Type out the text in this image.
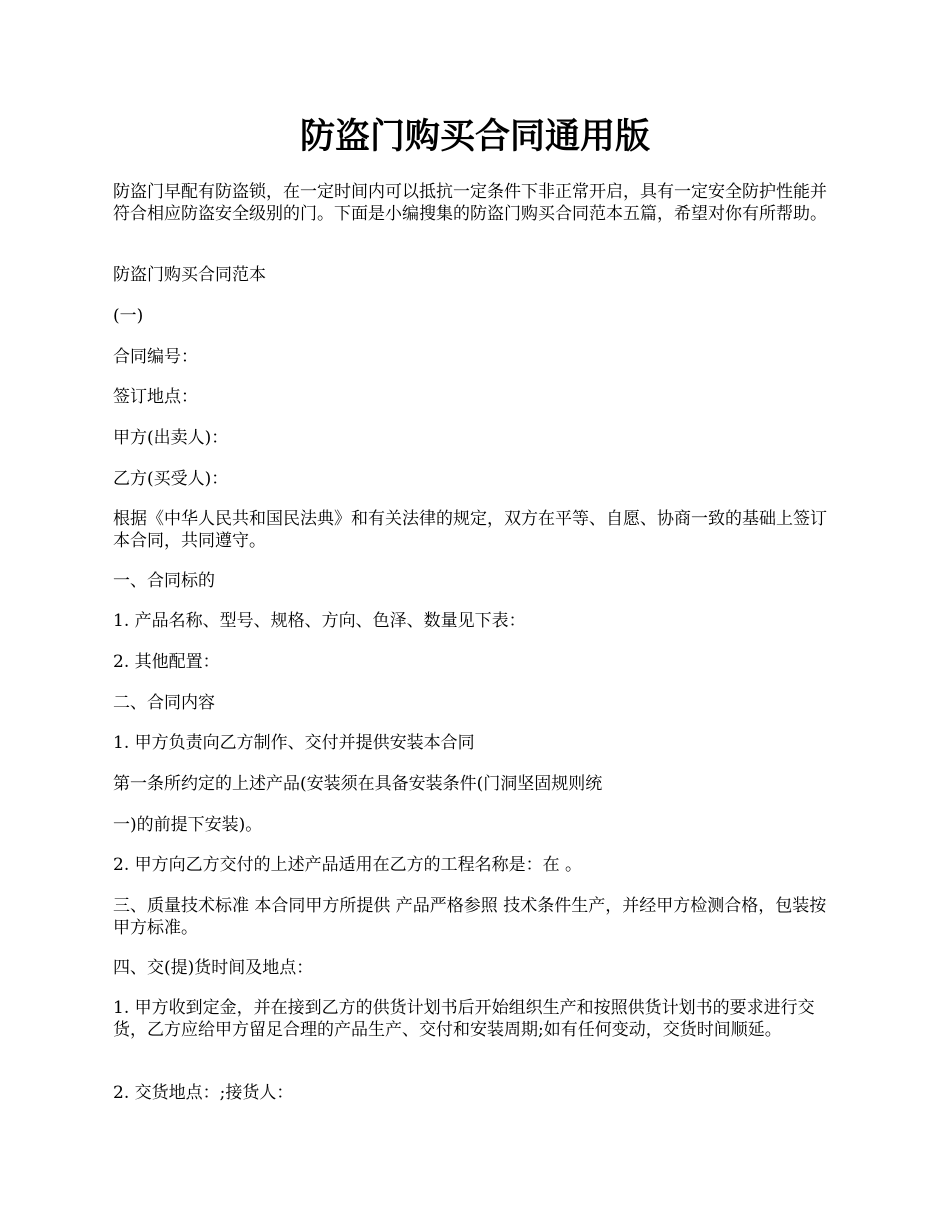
防盗门购买合同通用版

防盗门早配有防盗锁，在一定时间内可以抵抗一定条件下非正常开启，具有一定安全防护性能并符合相应防盗安全级别的门。下面是小编搜集的防盗门购买合同范本五篇，希望对你有所帮助。

防盗门购买合同范本

(一)

合同编号：

签订地点：

甲方(出卖人)：

乙方(买受人)：

根据《中华人民共和国民法典》和有关法律的规定，双方在平等、自愿、协商一致的基础上签订本合同，共同遵守。

一、合同标的

1. 产品名称、型号、规格、方向、色泽、数量见下表：

2. 其他配置：

二、合同内容

1. 甲方负责向乙方制作、交付并提供安装本合同

第一条所约定的上述产品(安装须在具备安装条件(门洞坚固规则统

一)的前提下安装)。

2. 甲方向乙方交付的上述产品适用在乙方的工程名称是：在 。

三、质量技术标准 本合同甲方所提供 产品严格参照 技术条件生产，并经甲方检测合格，包装按甲方标准。

四、交(提)货时间及地点：

1. 甲方收到定金，并在接到乙方的供货计划书后开始组织生产和按照供货计划书的要求进行交货，乙方应给甲方留足合理的产品生产、交付和安装周期;如有任何变动，交货时间顺延。

2. 交货地点：;接货人：
